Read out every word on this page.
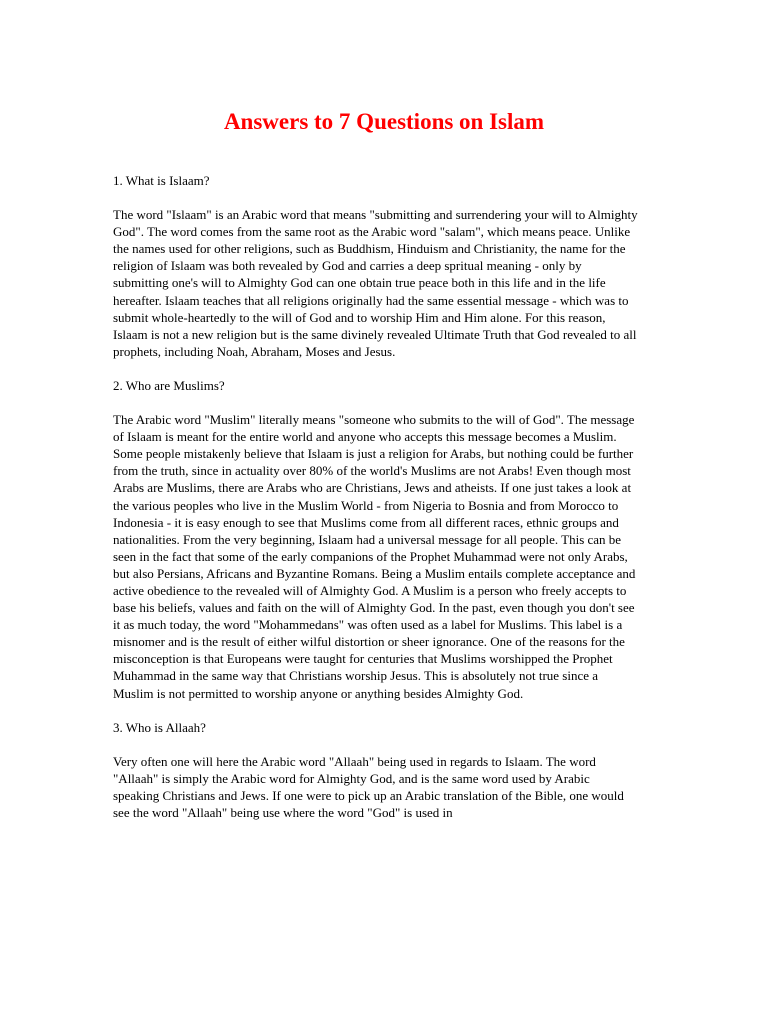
Answers to 7 Questions on Islam

1. What is Islaam?

The word "Islaam" is an Arabic word that means "submitting and surrendering your will to Almighty God". The word comes from the same root as the Arabic word "salam", which means peace. Unlike the names used for other religions, such as Buddhism, Hinduism and Christianity, the name for the religion of Islaam was both revealed by God and carries a deep spritual meaning - only by submitting one's will to Almighty God can one obtain true peace both in this life and in the life hereafter. Islaam teaches that all religions originally had the same essential message - which was to submit whole-heartedly to the will of God and to worship Him and Him alone. For this reason, Islaam is not a new religion but is the same divinely revealed Ultimate Truth that God revealed to all prophets, including Noah, Abraham, Moses and Jesus.

2. Who are Muslims?

The Arabic word "Muslim" literally means "someone who submits to the will of God". The message of Islaam is meant for the entire world and anyone who accepts this message becomes a Muslim. Some people mistakenly believe that Islaam is just a religion for Arabs, but nothing could be further from the truth, since in actuality over 80% of the world's Muslims are not Arabs! Even though most Arabs are Muslims, there are Arabs who are Christians, Jews and atheists. If one just takes a look at the various peoples who live in the Muslim World - from Nigeria to Bosnia and from Morocco to Indonesia - it is easy enough to see that Muslims come from all different races, ethnic groups and nationalities. From the very beginning, Islaam had a universal message for all people. This can be seen in the fact that some of the early companions of the Prophet Muhammad were not only Arabs, but also Persians, Africans and Byzantine Romans. Being a Muslim entails complete acceptance and active obedience to the revealed will of Almighty God. A Muslim is a person who freely accepts to base his beliefs, values and faith on the will of Almighty God. In the past, even though you don't see it as much today, the word "Mohammedans" was often used as a label for Muslims. This label is a misnomer and is the result of either wilful distortion or sheer ignorance. One of the reasons for the misconception is that Europeans were taught for centuries that Muslims worshipped the Prophet Muhammad in the same way that Christians worship Jesus. This is absolutely not true since a Muslim is not permitted to worship anyone or anything besides Almighty God.

3. Who is Allaah?

Very often one will here the Arabic word "Allaah" being used in regards to Islaam. The word "Allaah" is simply the Arabic word for Almighty God, and is the same word used by Arabic speaking Christians and Jews. If one were to pick up an Arabic translation of the Bible, one would see the word "Allaah" being use where the word "God" is used in
